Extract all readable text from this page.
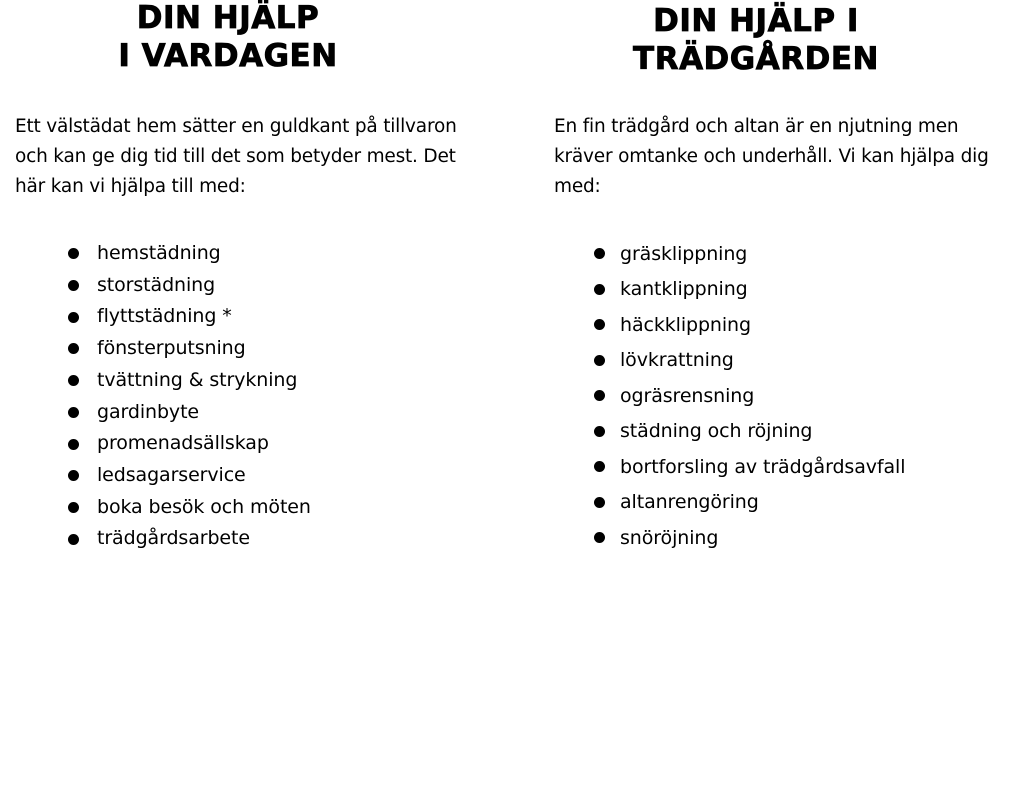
DIN HJÄLP
I VARDAGEN

Ett välstädat hem sätter en guldkant på tillvaron och kan ge dig tid till det som betyder mest. Det här kan vi hjälpa till med:

hemstädning
storstädning
flyttstädning *
fönsterputsning
tvättning & strykning
gardinbyte
promenadsällskap
ledsagarservice
boka besök och möten
trädgårdsarbete
DIN HJÄLP I
TRÄDGÅRDEN

En fin trädgård och altan är en njutning men kräver omtanke och underhåll. Vi kan hjälpa dig med:

gräsklippning
kantklippning
häckklippning
lövkrattning
ogräsrensning
städning och röjning
bortforsling av trädgårdsavfall
altanrengöring
snöröjning
